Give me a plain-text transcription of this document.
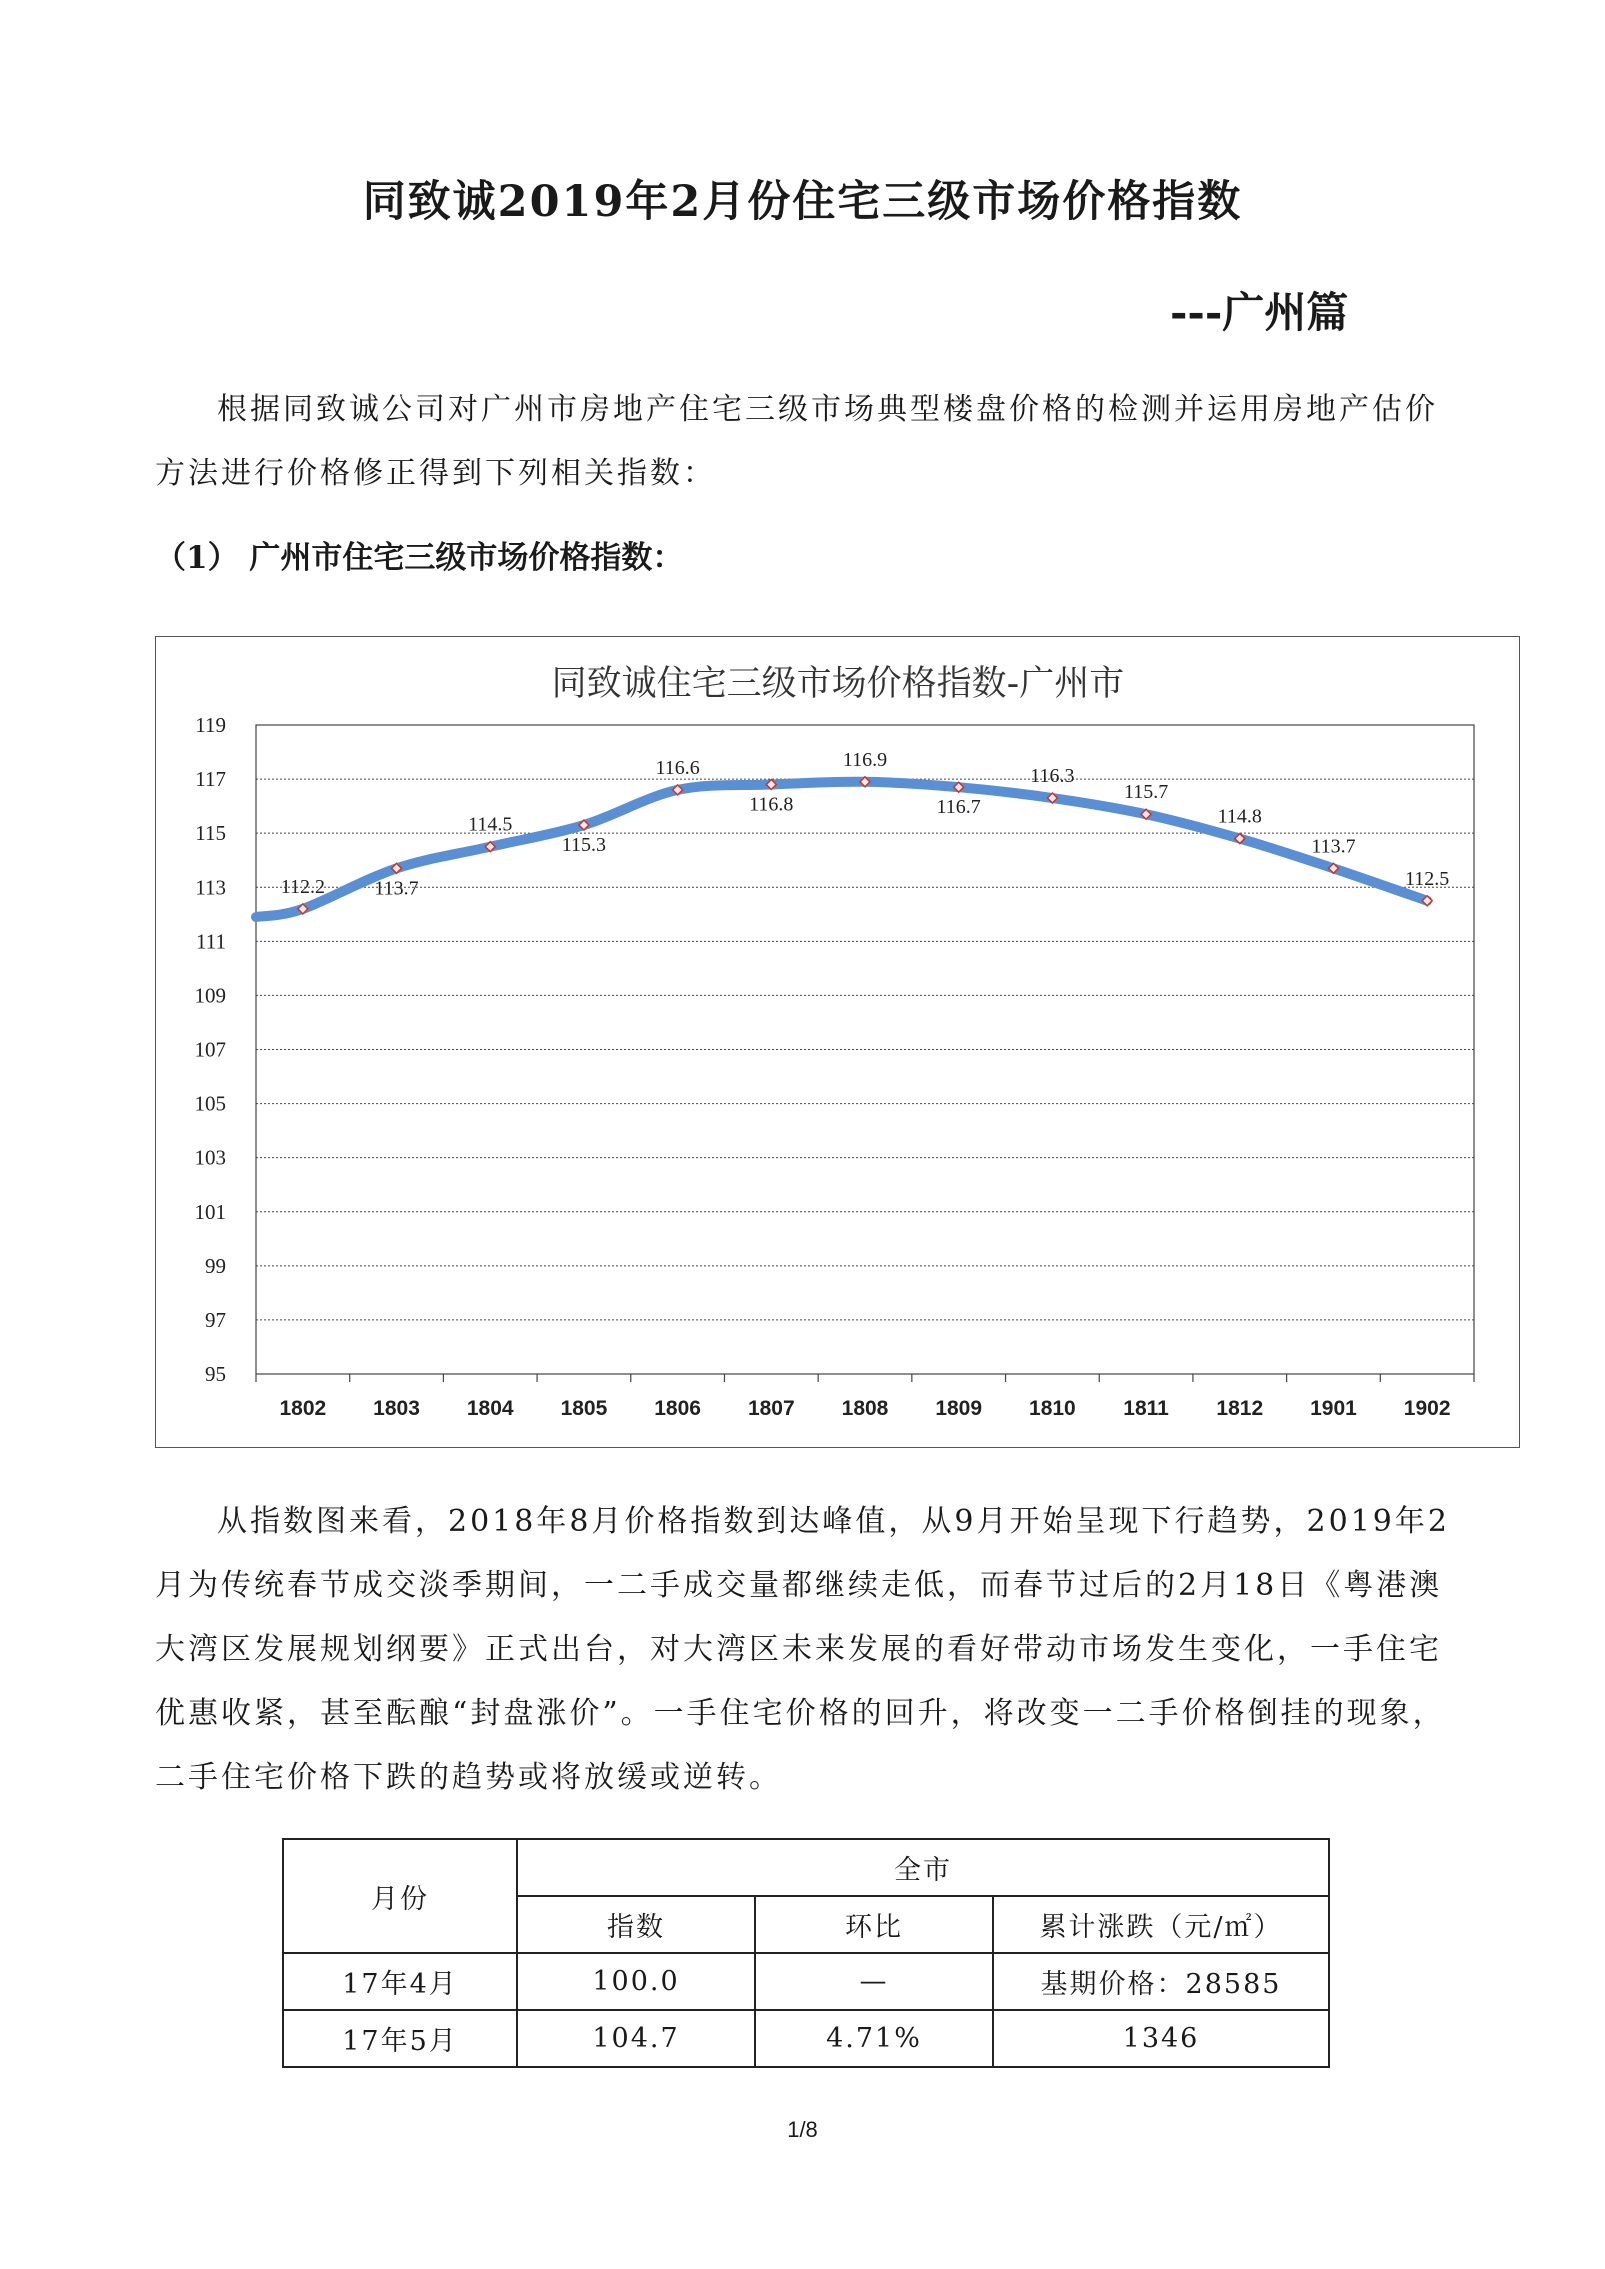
同致诚2019年2月份住宅三级市场价格指数
---广州篇

根据同致诚公司对广州市房地产住宅三级市场典型楼盘价格的检测并运用房地产估价方法进行价格修正得到下列相关指数：

（1） 广州市住宅三级市场价格指数：
同致诚住宅三级市场价格指数-广州市
95
97
99
101
103
105
107
109
111
113
115
117
119
1802 1803 1804 1805 1806 1807 1808 1809 1810 1811 1812 1901 1902
112.2 113.7
114.5
115.3
116.6
116.8
116.9
116.7
116.3
115.7
114.8
113.7
112.5

从指数图来看，2018年8月价格指数到达峰值，从9月开始呈现下行趋势，2019年2月为传统春节成交淡季期间，一二手成交量都继续走低，而春节过后的2月18日《粤港澳大湾区发展规划纲要》正式出台，对大湾区未来发展的看好带动市场发生变化，一手住宅优惠收紧，甚至酝酿“封盘涨价”。一手住宅价格的回升，将改变一二手价格倒挂的现象，二手住宅价格下跌的趋势或将放缓或逆转。

月份	全市		
	指数	环比	累计涨跌（元/㎡）
17年4月	100.0	—	基期价格：28585
17年5月	104.7	4.71%	1346

1/8
